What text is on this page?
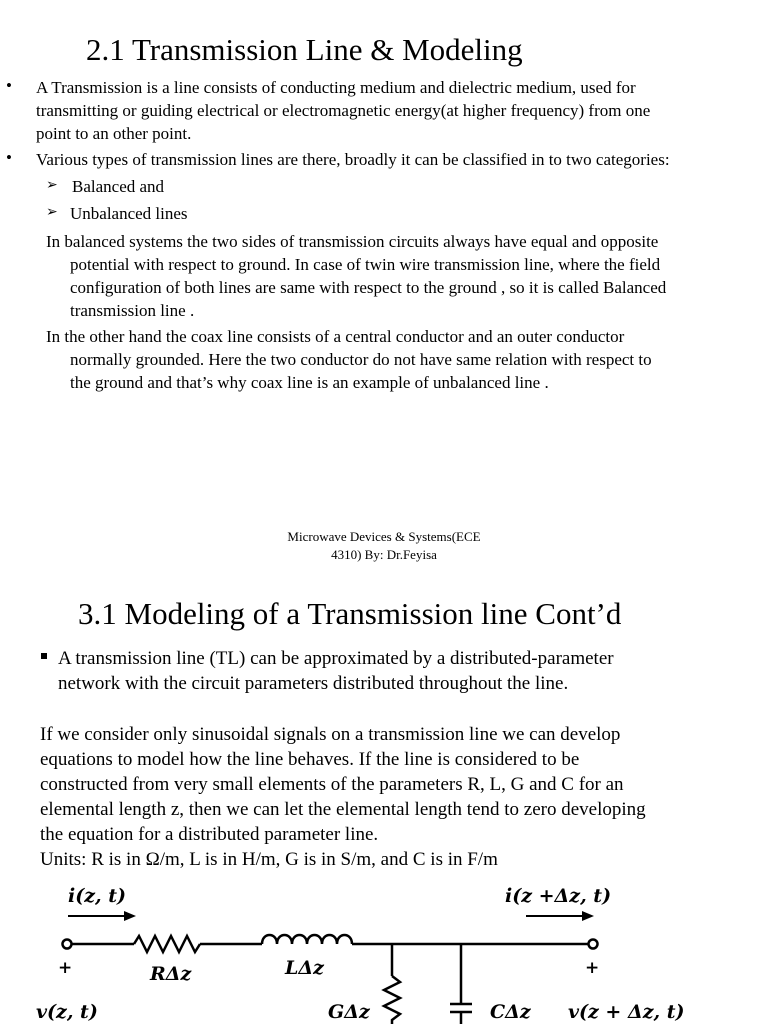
2.1 Transmission Line & Modeling
• A Transmission is a line consists of conducting medium and dielectric medium, used for
transmitting or guiding electrical or electromagnetic energy(at higher frequency) from one
point to an other point.
• Various types of transmission lines are there, broadly it can be classified in to two categories:
➢ Balanced and
➢ Unbalanced lines
In balanced systems the two sides of transmission circuits always have equal and opposite
potential with respect to ground. In case of twin wire transmission line, where the field
configuration of both lines are same with respect to the ground , so it is called Balanced
transmission line .
In the other hand the coax line consists of a central conductor and an outer conductor
normally grounded. Here the two conductor do not have same relation with respect to
the ground and that’s why coax line is an example of unbalanced line .
Microwave Devices & Systems(ECE
4310) By: Dr.Feyisa
3.1 Modeling of a Transmission line Cont’d
A transmission line (TL) can be approximated by a distributed-parameter
network with the circuit parameters distributed throughout the line.
If we consider only sinusoidal signals on a transmission line we can develop
equations to model how the line behaves. If the line is considered to be
constructed from very small elements of the parameters R, L, G and C for an
elemental length z, then we can let the elemental length tend to zero developing
the equation for a distributed parameter line.
Units: R is in Ω/m, L is in H/m, G is in S/m, and C is in F/m
i(z, t)	i(z +Δz, t)
+	+
RΔz	LΔz
GΔz	CΔz
v(z, t)	v(z + Δz, t)
